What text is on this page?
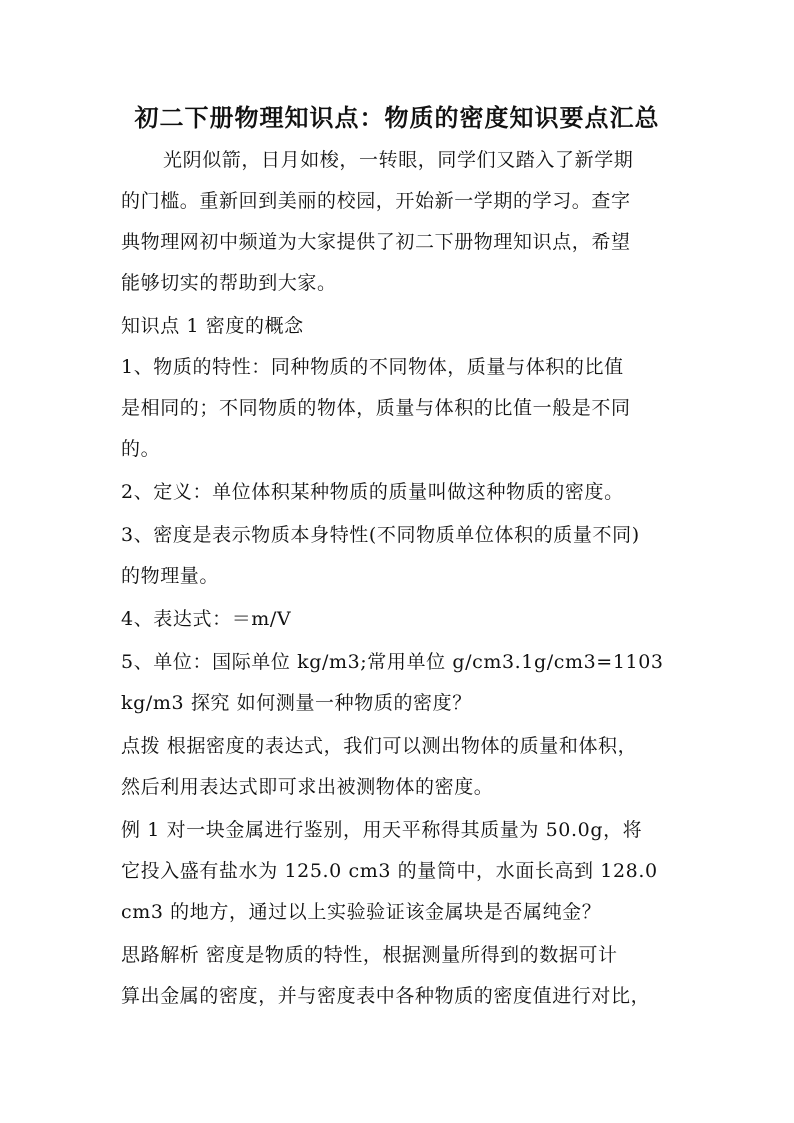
初二下册物理知识点：物质的密度知识要点汇总

光阴似箭，日月如梭，一转眼，同学们又踏入了新学期

的门槛。重新回到美丽的校园，开始新一学期的学习。查字

典物理网初中频道为大家提供了初二下册物理知识点，希望

能够切实的帮助到大家。

知识点 1 密度的概念

1、物质的特性：同种物质的不同物体，质量与体积的比值

是相同的；不同物质的物体，质量与体积的比值一般是不同

的。

2、定义：单位体积某种物质的质量叫做这种物质的密度。

3、密度是表示物质本身特性(不同物质单位体积的质量不同)

的物理量。

4、表达式：＝m/V

5、单位：国际单位 kg/m3;常用单位 g/cm3.1g/cm3=1103

kg/m3 探究 如何测量一种物质的密度？

点拨 根据密度的表达式，我们可以测出物体的质量和体积，

然后利用表达式即可求出被测物体的密度。

例 1 对一块金属进行鉴别，用天平称得其质量为 50.0g，将

它投入盛有盐水为 125.0 cm3 的量筒中，水面长高到 128.0

cm3 的地方，通过以上实验验证该金属块是否属纯金？

思路解析 密度是物质的特性，根据测量所得到的数据可计

算出金属的密度，并与密度表中各种物质的密度值进行对比，
